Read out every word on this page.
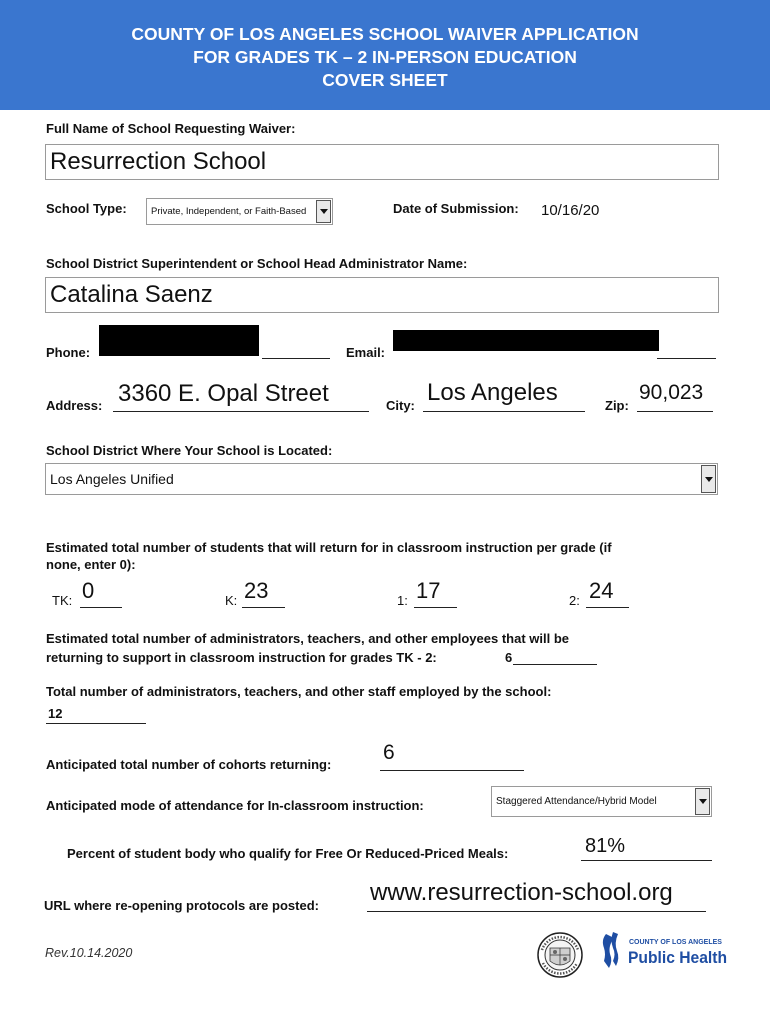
COUNTY OF LOS ANGELES SCHOOL WAIVER APPLICATION
FOR GRADES TK – 2 IN-PERSON EDUCATION
COVER SHEET
Full Name of School Requesting Waiver:
Resurrection School
School Type:	Private, Independent, or Faith-Based	Date of Submission: 10/16/20
School District Superintendent or School Head Administrator Name:
Catalina Saenz
Phone:	Email:
Address: 3360 E. Opal Street	City: Los Angeles	Zip:
90,023
School District Where Your School is Located:
Los Angeles Unified
Estimated total number of students that will return for in classroom instruction per grade (if
none, enter 0):
TK: 0	K: 23	1: 17	2: 24
Estimated total number of administrators, teachers, and other employees that will be
returning to support in classroom instruction for grades TK - 2:	6
Total number of administrators, teachers, and other staff employed by the school:
12
Anticipated total number of cohorts returning:
6
Anticipated mode of attendance for In-classroom instruction:	Staggered Attendance/Hybrid Model
Percent of student body who qualify for Free Or Reduced-Priced Meals:	81%
URL where re-opening protocols are posted: www.resurrection-school.org
Rev.10.14.2020
COUNTY OF LOS ANGELES
Public Health
